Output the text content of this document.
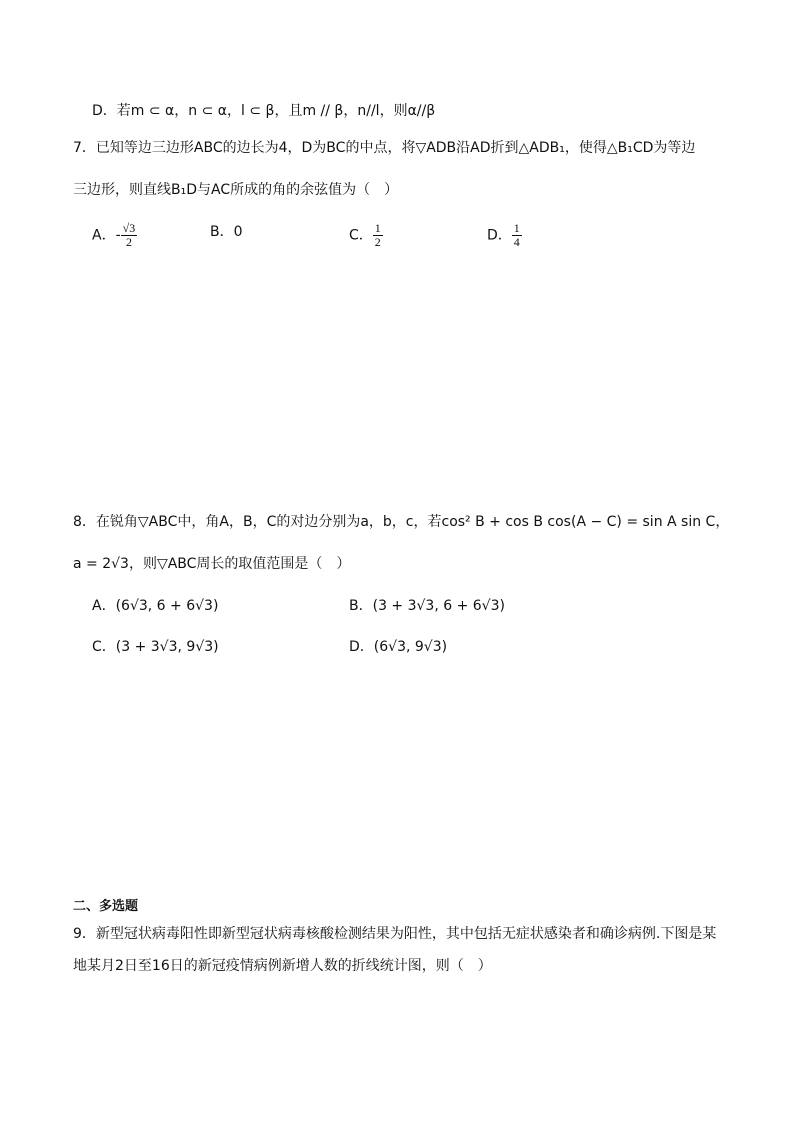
D．若m ⊂ α，n ⊂ α，l ⊂ β，且m // β，n//l，则α//β
7．已知等边三边形ABC的边长为4，D为BC的中点，将▽ADB沿AD折到△ADB₁，使得△B₁CD为等边
三边形，则直线B₁D与AC所成的角的余弦值为（　）
A．- $\frac{√3}{2}$	B．0	C． $\frac{1}{2}$	D． $\frac{1}{4}$
8．在锐角▽ABC中，角A，B，C的对边分别为a，b，c，若cos² B + cos B cos(A − C) = sin A sin C，
a = 2√3，则▽ABC周长的取值范围是（　）
A．(6√3, 6 + 6√3)	B．(3 + 3√3, 6 + 6√3)
C．(3 + 3√3, 9√3)	D．(6√3, 9√3)
二、多选题
9．新型冠状病毒阳性即新型冠状病毒核酸检测结果为阳性，其中包括无症状感染者和确诊病例.下图是某
地某月2日至16日的新冠疫情病例新增人数的折线统计图，则（　）
